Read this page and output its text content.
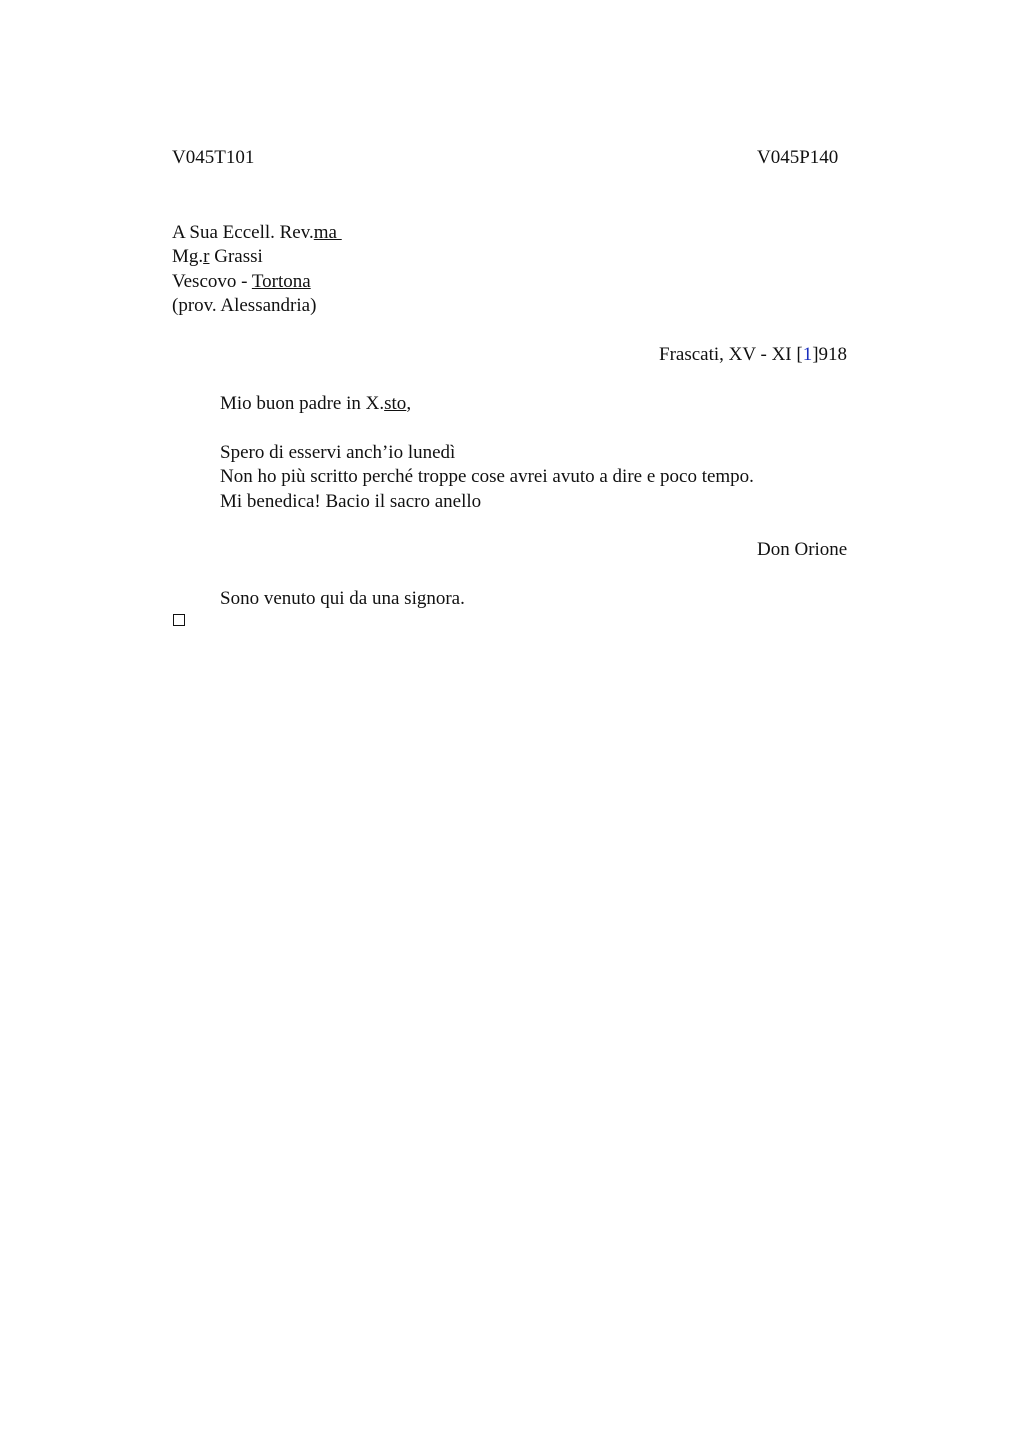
V045T101	V045P140
A Sua Eccell. Rev.ma
Mg.r Grassi
Vescovo - Tortona
(prov. Alessandria)
Frascati, XV - XI [1]918
Mio buon padre in X.sto,
Spero di esservi anch’io lunedì
Non ho più scritto perché troppe cose avrei avuto a dire e poco tempo.
Mi benedica! Bacio il sacro anello
Don Orione
Sono venuto qui da una signora.
